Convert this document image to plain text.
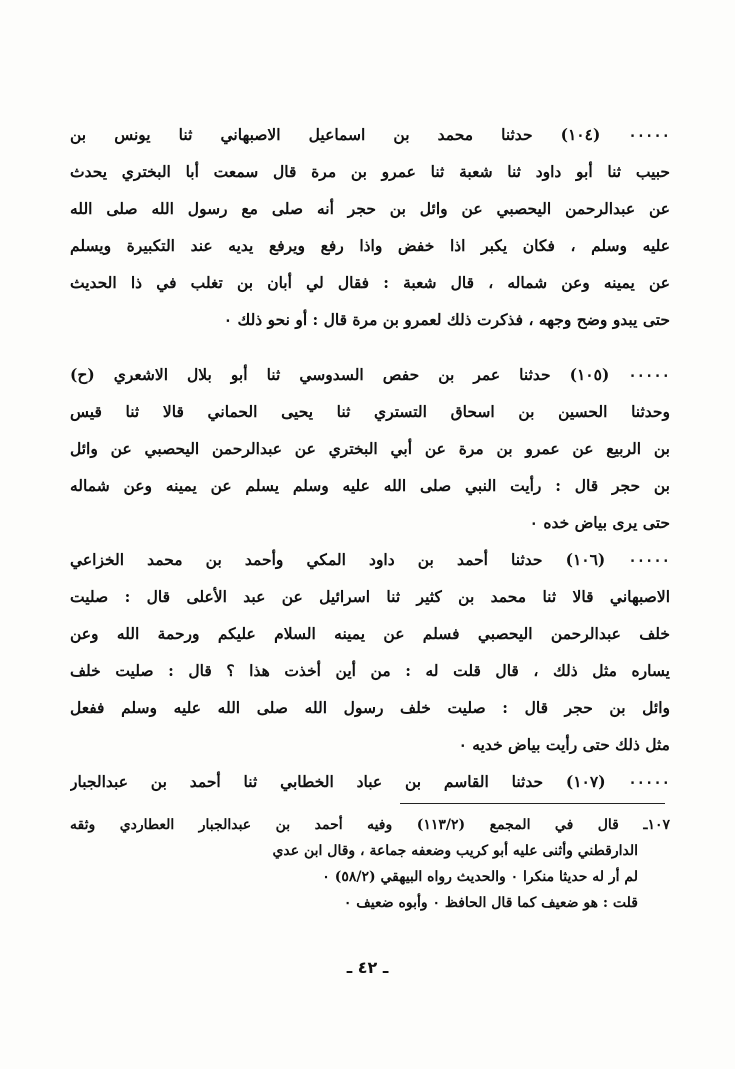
٠٠٠٠٠ (١٠٤) حدثنا محمد بن اسماعيل الاصبهاني ثنا يونس بن
حبيب ثنا أبو داود ثنا شعبة ثنا عمرو بن مرة قال سمعت أبا البختري يحدث
عن عبدالرحمن اليحصبي عن وائل بن حجر أنه صلى مع رسول الله صلى الله
عليه وسلم ، فكان يكبر اذا خفض واذا رفع ويرفع يديه عند التكبيرة ويسلم
عن يمينه وعن شماله ، قال شعبة : فقال لي أبان بن تغلب في ذا الحديث
حتى يبدو وضح وجهه ، فذكرت ذلك لعمرو بن مرة قال : أو نحو ذلك ٠
٠٠٠٠٠ (١٠٥) حدثنا عمر بن حفص السدوسي ثنا أبو بلال الاشعري (ح)
وحدثنا الحسين بن اسحاق التستري ثنا يحيى الحماني قالا ثنا قيس
بن الربيع عن عمرو بن مرة عن أبي البختري عن عبدالرحمن اليحصبي عن وائل
بن حجر قال : رأيت النبي صلى الله عليه وسلم يسلم عن يمينه وعن شماله
حتى يرى بياض خده ٠
٠٠٠٠٠ (١٠٦) حدثنا أحمد بن داود المكي وأحمد بن محمد الخزاعي
الاصبهاني قالا ثنا محمد بن كثير ثنا اسرائيل عن عبد الأعلى قال : صليت
خلف عبدالرحمن اليحصبي فسلم عن يمينه السلام عليكم ورحمة الله وعن
يساره مثل ذلك ، قال قلت له : من أين أخذت هذا ؟ قال : صليت خلف
وائل بن حجر قال : صليت خلف رسول الله صلى الله عليه وسلم ففعل
مثل ذلك حتى رأيت بياض خديه ٠
٠٠٠٠٠ (١٠٧) حدثنا القاسم بن عباد الخطابي ثنا أحمد بن عبدالجبار
١٠٧ـ قال في المجمع (١١٣/٢) وفيه أحمد بن عبدالجبار العطاردي وثقه
الدارقطني وأثنى عليه أبو كريب وضعفه جماعة ، وقال ابن عدي
لم أر له حديثا منكرا ٠ والحديث رواه البيهقي (٥٨/٢) ٠
قلت : هو ضعيف كما قال الحافظ ٠ وأبوه ضعيف ٠
ـ ٤٢ ـ
